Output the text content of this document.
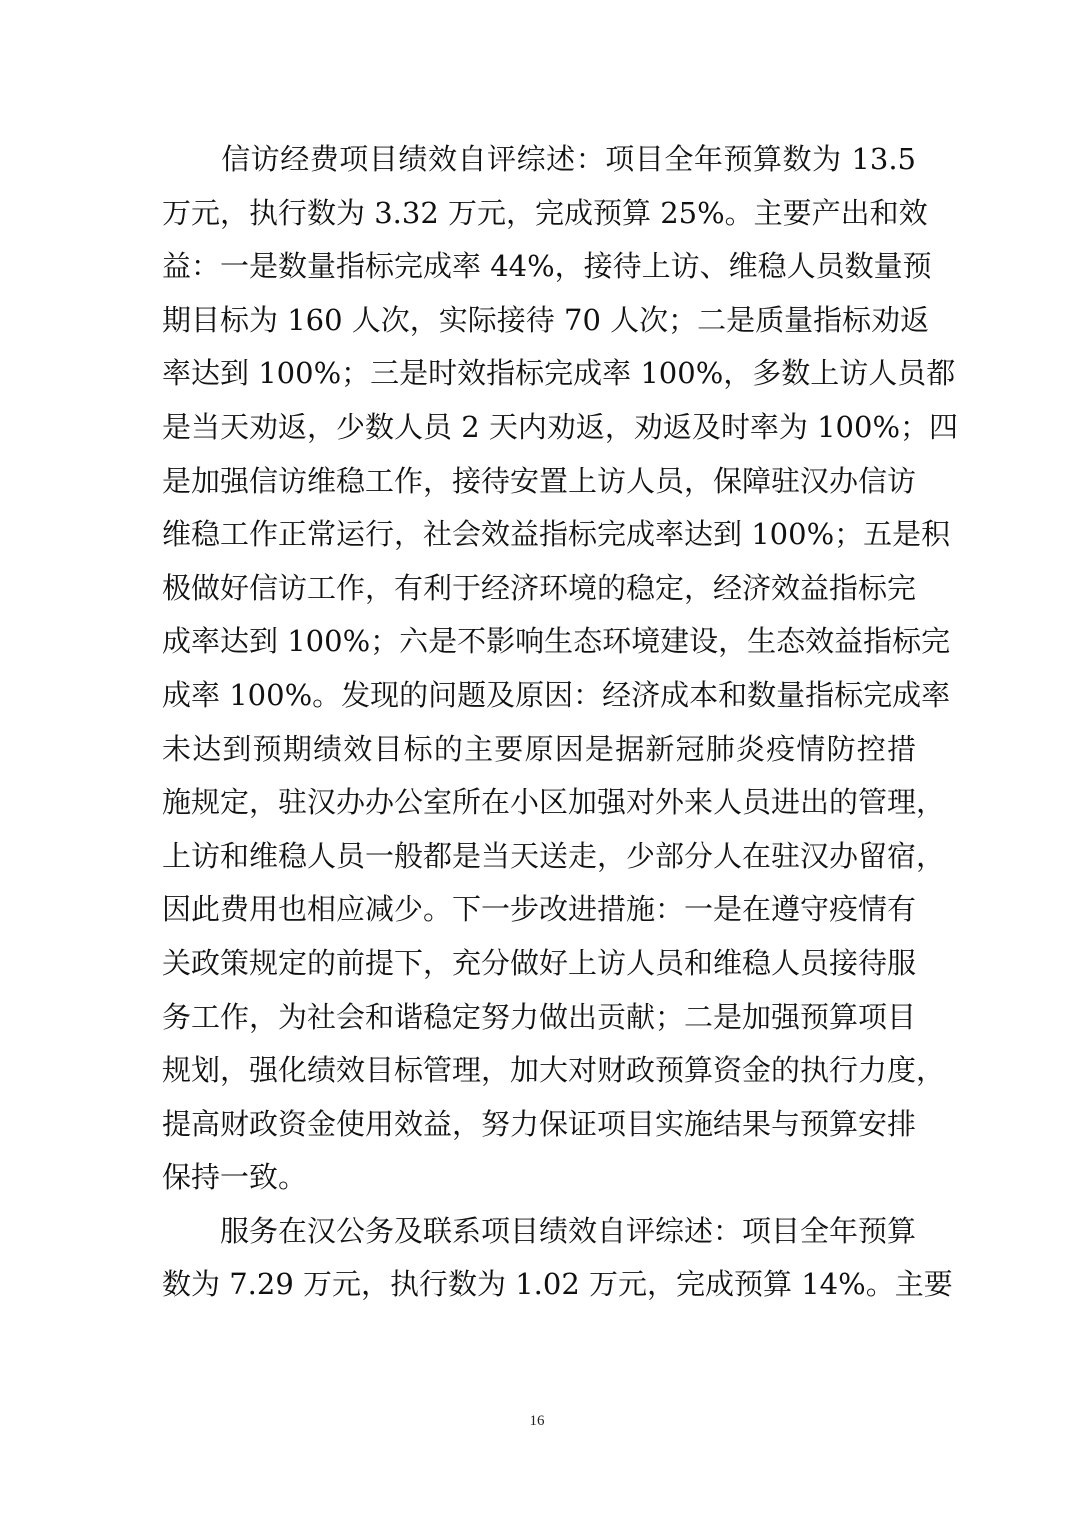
　　信访经费项目绩效自评综述：项目全年预算数为 13.5
万元，执行数为 3.32 万元，完成预算 25%。主要产出和效
益：一是数量指标完成率 44%，接待上访、维稳人员数量预
期目标为 160 人次，实际接待 70 人次；二是质量指标劝返
率达到 100%；三是时效指标完成率 100%，多数上访人员都
是当天劝返，少数人员 2 天内劝返，劝返及时率为 100%；四
是加强信访维稳工作，接待安置上访人员，保障驻汉办信访
维稳工作正常运行，社会效益指标完成率达到 100%；五是积
极做好信访工作，有利于经济环境的稳定，经济效益指标完
成率达到 100%；六是不影响生态环境建设，生态效益指标完
成率 100%。发现的问题及原因：经济成本和数量指标完成率
未达到预期绩效目标的主要原因是据新冠肺炎疫情防控措
施规定，驻汉办办公室所在小区加强对外来人员进出的管理，
上访和维稳人员一般都是当天送走，少部分人在驻汉办留宿，
因此费用也相应减少。下一步改进措施：一是在遵守疫情有
关政策规定的前提下，充分做好上访人员和维稳人员接待服
务工作，为社会和谐稳定努力做出贡献；二是加强预算项目
规划，强化绩效目标管理，加大对财政预算资金的执行力度，
提高财政资金使用效益，努力保证项目实施结果与预算安排
保持一致。
　　服务在汉公务及联系项目绩效自评综述：项目全年预算
数为 7.29 万元，执行数为 1.02 万元，完成预算 14%。主要
16
